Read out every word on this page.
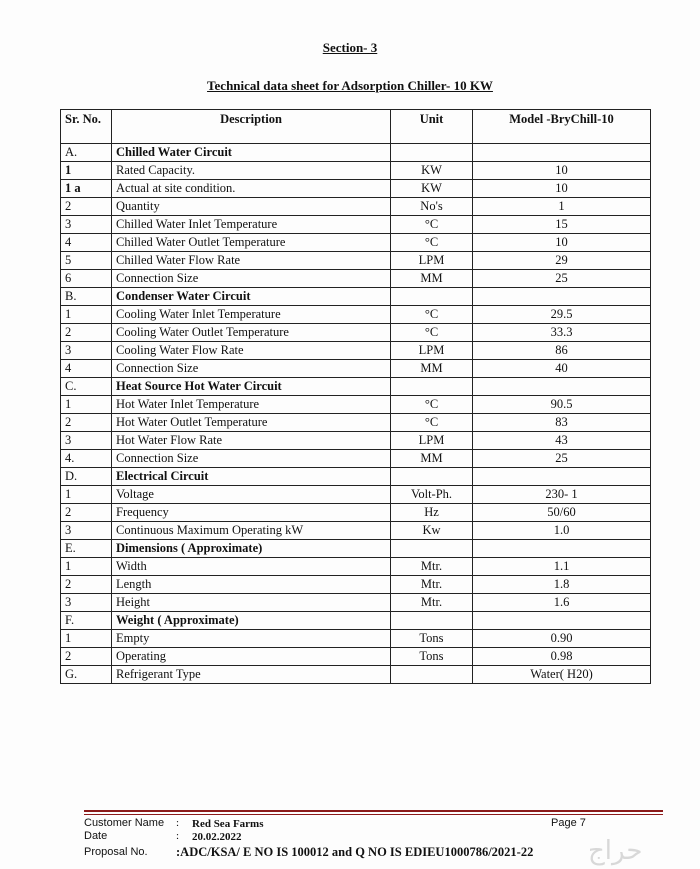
Section- 3
Technical data sheet for Adsorption Chiller- 10 KW
Sr. No.	Description	Unit	Model -BryChill-10
A.	Chilled Water Circuit		
1	Rated Capacity.	KW	10
1 a	Actual at site condition.	KW	10
2	Quantity	No's	1
3	Chilled Water Inlet Temperature	°C	15
4	Chilled Water Outlet Temperature	°C	10
5	Chilled Water Flow Rate	LPM	29
6	Connection Size	MM	25
B.	Condenser Water Circuit		
1	Cooling Water Inlet Temperature	°C	29.5
2	Cooling Water Outlet Temperature	°C	33.3
3	Cooling Water Flow Rate	LPM	86
4	Connection Size	MM	40
C.	Heat Source Hot Water Circuit		
1	Hot Water Inlet Temperature	°C	90.5
2	Hot Water Outlet Temperature	°C	83
3	Hot Water Flow Rate	LPM	43
4.	Connection Size	MM	25
D.	Electrical Circuit		
1	Voltage	Volt-Ph.	230- 1
2	Frequency	Hz	50/60
3	Continuous Maximum Operating kW	Kw	1.0
E.	Dimensions ( Approximate)		
1	Width	Mtr.	1.1
2	Length	Mtr.	1.8
3	Height	Mtr.	1.6
F.	Weight ( Approximate)		
1	Empty	Tons	0.90
2	Operating	Tons	0.98
G.	Refrigerant Type		Water( H20)
Customer Name : Red Sea Farms	Page 7
Date	: 20.02.2022
Proposal No. :ADC/KSA/ E NO IS 100012 and Q NO IS EDIEU1000786/2021-22 حراج
